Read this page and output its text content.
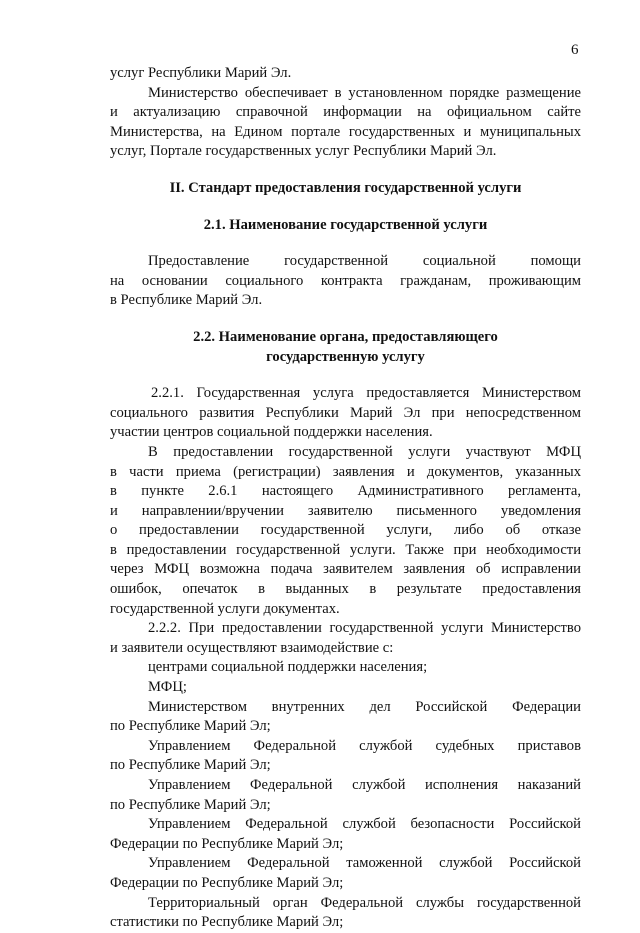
6

услуг Республики Марий Эл.

Министерство обеспечивает в установленном порядке размещение
и актуализацию справочной информации на официальном сайте
Министерства, на Едином портале государственных и муниципальных
услуг, Портале государственных услуг Республики Марий Эл.

II. Стандарт предоставления государственной услуги

2.1. Наименование государственной услуги

Предоставление государственной социальной помощи
на основании социального контракта гражданам, проживающим
в Республике Марий Эл.

2.2. Наименование органа, предоставляющего

государственную услугу

2.2.1. Государственная услуга предоставляется Министерством
социального развития Республики Марий Эл при непосредственном
участии центров социальной поддержки населения.

В предоставлении государственной услуги участвуют МФЦ
в части приема (регистрации) заявления и документов, указанных
в пункте 2.6.1 настоящего Административного регламента,
и направлении/вручении заявителю письменного уведомления
о предоставлении государственной услуги, либо об отказе
в предоставлении государственной услуги. Также при необходимости
через МФЦ возможна подача заявителем заявления об исправлении
ошибок, опечаток в выданных в результате предоставления
государственной услуги документах.

2.2.2. При предоставлении государственной услуги Министерство
и заявители осуществляют взаимодействие с:

центрами социальной поддержки населения;

МФЦ;

Министерством внутренних дел Российской Федерации
по Республике Марий Эл;

Управлением Федеральной службой судебных приставов
по Республике Марий Эл;

Управлением Федеральной службой исполнения наказаний
по Республике Марий Эл;

Управлением Федеральной службой безопасности Российской
Федерации по Республике Марий Эл;

Управлением Федеральной таможенной службой Российской
Федерации по Республике Марий Эл;

Территориальный орган Федеральной службы государственной
статистики по Республике Марий Эл;
